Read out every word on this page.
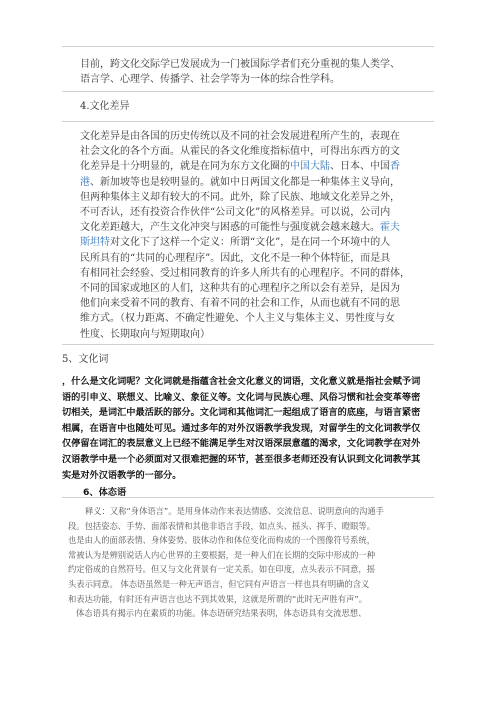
目前，跨文化交际学已发展成为一门被国际学者们充分重视的集人类学、
语言学、心理学、传播学、社会学等为一体的综合性学科。
4.文化差异
文化差异是由各国的历史传统以及不同的社会发展进程所产生的，表现在
社会文化的各个方面。从霍民的各文化维度指标值中，可得出东西方的文
化差异是十分明显的，就是在同为东方文化圈的中国大陆、日本、中国香
港、新加坡等也是较明显的。就如中日两国文化都是一种集体主义导向，
但两种集体主义却有较大的不同。此外，除了民族、地域文化差异之外，
不可否认，还有投资合作伙伴“公司文化”的风格差异。可以说，公司内
文化差距越大，产生文化冲突与困惑的可能性与强度就会越来越大。霍夫
斯坦特对文化下了这样一个定义：所谓“文化”，是在同一个环境中的人
民所具有的“共同的心理程序”。因此，文化不是一种个体特征，而是具
有相同社会经验、受过相同教育的许多人所共有的心理程序。不同的群体，
不同的国家或地区的人们，这种共有的心理程序之所以会有差异，是因为
他们向来受着不同的教育、有着不同的社会和工作，从而也就有不同的思
维方式。（权力距离、不确定性避免、个人主义与集体主义、男性度与女
性度、长期取向与短期取向）
5、文化词
，什么是文化词呢？文化词就是指蕴含社会文化意义的词语，文化意义就是指社会赋予词
语的引申义、联想义、比喻义、象征义等。文化词与民族心理、风俗习惯和社会变革等密
切相关，是词汇中最活跃的部分。文化词和其他词汇一起组成了语言的底座，与语言紧密
相属，在语言中也随处可见。通过多年的对外汉语教学我发现，对留学生的文化词教学仅
仅停留在词汇的表层意义上已经不能满足学生对汉语深层意蕴的渴求，文化词教学在对外
汉语教学中是一个必须面对又很难把握的环节，甚至很多老师还没有认识到文化词教学其
实是对外汉语教学的一部分。
6、体态语
释义：又称“身体语言”。是用身体动作来表达情感、交流信息、说明意向的沟通手
段。包括姿态、手势、面部表情和其他非语言手段，如点头、摇头、挥手、瞪眼等。
也是由人的面部表情、身体姿势、肢体动作和体位变化而构成的一个图像符号系统，
常被认为是辨别说话人内心世界的主要根据，是一种人们在长期的交际中形成的一种
约定俗成的自然符号。但又与文化背景有一定关系。如在印度，点头表示不同意，摇
头表示同意。 体态语虽然是一种无声语言，但它同有声语言一样也具有明确的含义
和表达功能，有时还有声语言也达不到其效果，这就是所谓的“此时无声胜有声”。
体态语具有揭示内在素质的功能。体态语研究结果表明，体态语具有交流思想、
